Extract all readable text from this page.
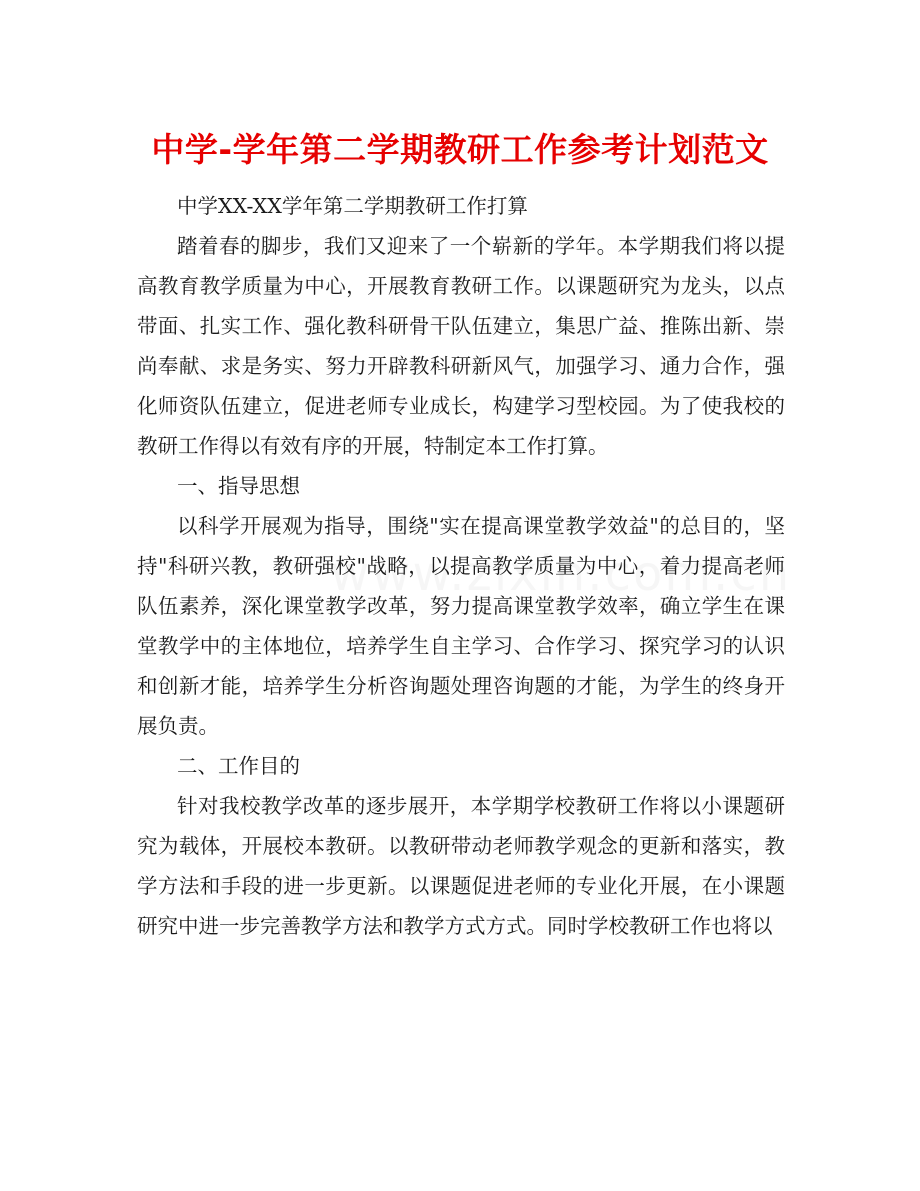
中学-学年第二学期教研工作参考计划范文

中学XX-XX学年第二学期教研工作打算

踏着春的脚步，我们又迎来了一个崭新的学年。本学期我们将以提高教育教学质量为中心，开展教育教研工作。以课题研究为龙头，以点带面、扎实工作、强化教科研骨干队伍建立，集思广益、推陈出新、崇尚奉献、求是务实、努力开辟教科研新风气，加强学习、通力合作，强化师资队伍建立，促进老师专业成长，构建学习型校园。为了使我校的教研工作得以有效有序的开展，特制定本工作打算。

一、指导思想

以科学开展观为指导，围绕"实在提高课堂教学效益"的总目的，坚持"科研兴教，教研强校"战略，以提高教学质量为中心，着力提高老师队伍素养，深化课堂教学改革，努力提高课堂教学效率，确立学生在课堂教学中的主体地位，培养学生自主学习、合作学习、探究学习的认识和创新才能，培养学生分析咨询题处理咨询题的才能，为学生的终身开展负责。

二、工作目的

针对我校教学改革的逐步展开，本学期学校教研工作将以小课题研究为载体，开展校本教研。以教研带动老师教学观念的更新和落实，教学方法和手段的进一步更新。以课题促进老师的专业化开展，在小课题研究中进一步完善教学方法和教学方式方式。同时学校教研工作也将以
